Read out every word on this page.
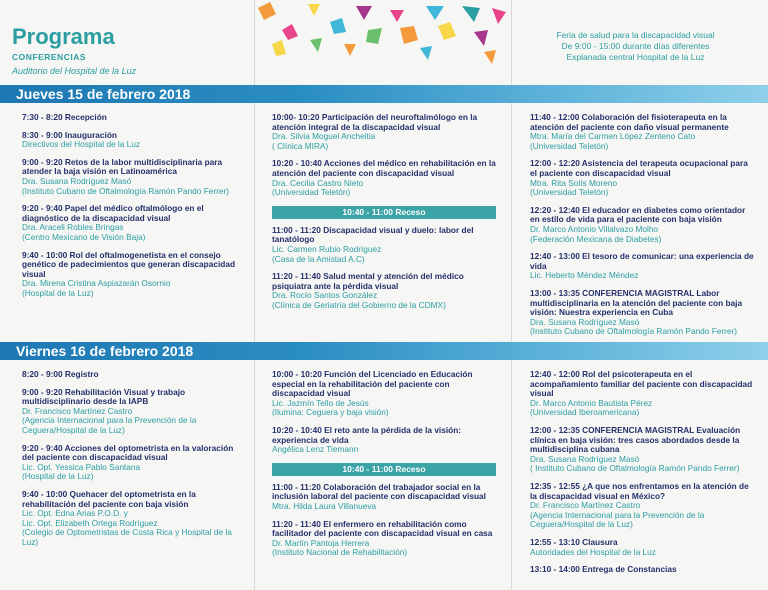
Programa
CONFERENCIAS
Auditorio del Hospital de la Luz
Feria de salud para la discapacidad visual
De 9:00 - 15:00 durante días diferentes
Explanada central Hospital de la Luz
Jueves 15 de febrero 2018
7:30 - 8:20 Recepción
8:30 - 9:00 Inauguración
Directivos del Hospital de la Luz
9:00 - 9:20 Retos de la labor multidisciplinaria para atender la baja visión en Latinoamérica
Dra. Susana Rodríguez Masó
(Instituto Cubano de Oftalmología Ramón Pando Ferrer)
9:20 - 9:40 Papel del médico oftalmólogo en el diagnóstico de la discapacidad visual
Dra. Araceli Robles Bringas
(Centro Mexicano de Visión Baja)
9:40 - 10:00 Rol del oftalmogenetista en el consejo genético de padecimientos que generan discapacidad visual
Dra. Mirena Cristina Aspiazarán Osornio
(Hospital de la Luz)
10:00- 10:20 Participación del neuroftalmólogo en la atención integral de la discapacidad visual
Dra. Silvia Moguel Ancheitia
( Clínica MIRA)
10:20 - 10:40 Acciones del médico en rehabilitación en la atención del paciente con discapacidad visual
Dra. Cecilia Castro Nieto
(Universidad Teletón)
10:40 - 11:00 Receso
11:00 - 11:20 Discapacidad visual y duelo: labor del tanatólogo
Lic. Carmen Rubio Rodríguez
(Casa de la Amistad A.C)
11:20 - 11:40 Salud mental y atención del médico psiquiatra ante la pérdida visual
Dra. Rocío Santos González
(Clínica de Geriatría del Gobierno de la CDMX)
11:40 - 12:00 Colaboración del fisioterapeuta en la atención del paciente con daño visual permanente
Mtra. María del Carmen López Zenteno Cato
(Universidad Teletón)
12:00 - 12:20 Asistencia del terapeuta ocupacional para el paciente con discapacidad visual
Mtra. Rita Solís Moreno
(Universidad Teletón)
12:20 - 12:40 El educador en diabetes como orientador en estilo de vida para el paciente con baja visión
Dr. Marco Antonio Villalvazo Molho
(Federación Mexicana de Diabetes)
12:40 - 13:00 El tesoro de comunicar: una experiencia de vida
Lic. Heberto Méndez Méndez
13:00 - 13:35 CONFERENCIA MAGISTRAL Labor multidisciplinaria en la atención del paciente con baja visión: Nuestra experiencia en Cuba
Dra. Susana Rodríguez Masó
(Instituto Cubano de Oftalmología Ramón Pando Ferrer)
Viernes 16 de febrero 2018
8:20 - 9:00 Registro
9:00 - 9:20 Rehabilitación Visual y trabajo multidisciplinario desde la IAPB
Dr. Francisco Martínez Castro
(Agencia Internacional para la Prevención de la Ceguera/Hospital de la Luz)
9:20 - 9:40 Acciones del optometrista en la valoración del paciente con discapacidad visual
Lic. Opt. Yessica Pablo Santana
(Hospital de la Luz)
9:40 - 10:00 Quehacer del optometrista en la rehabilitación del paciente con baja visión
Lic. Opt. Edna Arias P.O.D. y
Lic. Opt. Elizabeth Ortega Rodríguez
(Colegio de Optometristas de Costa Rica y Hospital de la Luz)
10:00 - 10:20 Función del Licenciado en Educación especial en la rehabilitación del paciente con discapacidad visual
Lic. Jazmín Tello de Jesús
(Ilumina: Ceguera y baja visión)
10:20 - 10:40 El reto ante la pérdida de la visión: experiencia de vida
Angélica Lenz Tiemann
10:40 - 11:00 Receso
11:00 - 11:20 Colaboración del trabajador social en la inclusión laboral del paciente con discapacidad visual
Mtra. Hilda Laura Villanueva
11:20 - 11:40 El enfermero en rehabilitación como facilitador del paciente con discapacidad visual en casa
Dr. Martín Pantoja Herrera
(Instituto Nacional de Rehabilitación)
12:40 - 12:00 Rol del psicoterapeuta en el acompañamiento familiar del paciente con discapacidad visual
Dr. Marco Antonio Bautista Pérez
(Universidad Iberoamericana)
12:00 - 12:35 CONFERENCIA MAGISTRAL Evaluación clínica en baja visión: tres casos abordados desde la multidisciplina cubana
Dra. Susana Rodríguez Masó
( Instituto Cubano de Oftalmología Ramón Pando Ferrer)
12:35 - 12:55 ¿A que nos enfrentamos en la atención de la discapacidad visual en México?
Dr. Francisco Martínez Castro
(Agencia Internacional para la Prevención de la Ceguera/Hospital de la Luz)
12:55 - 13:10 Clausura
Autoridades del Hospital de la Luz
13:10 - 14:00 Entrega de Constancias
